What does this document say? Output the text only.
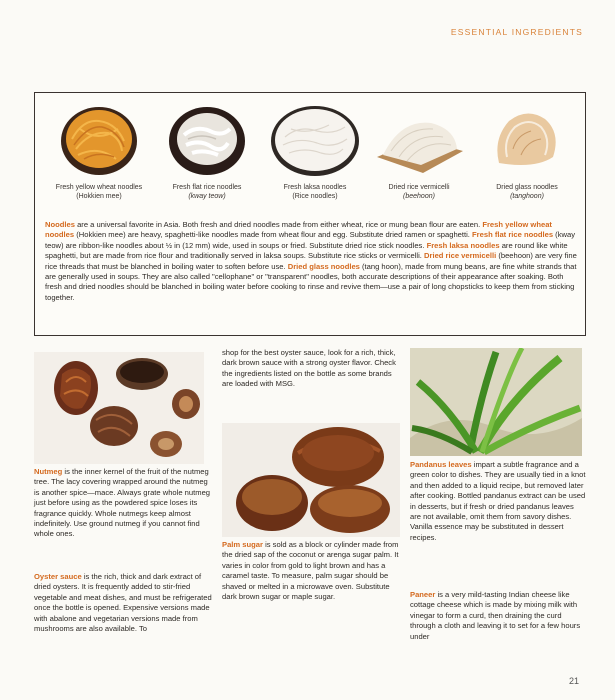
ESSENTIAL INGREDIENTS
Fresh yellow wheat noodles
(Hokkien mee)
Fresh flat rice noodles
(kway teow)
Fresh laksa noodles
(Rice noodles)
Dried rice vermicelli
(beehoon)
Dried glass noodles
(tanghoon)
Noodles are a universal favorite in Asia. Both fresh and dried noodles made from either wheat, rice or mung bean flour are eaten. Fresh yellow wheat noodles (Hokkien mee) are heavy, spaghetti-like noodles made from wheat flour and egg. Substitute dried ramen or spaghetti. Fresh flat rice noodles (kway teow) are ribbon-like noodles about ½ in (12 mm) wide, used in soups or fried. Substitute dried rice stick noodles. Fresh laksa noodles are round like white spaghetti, but are made from rice flour and traditionally served in laksa soups. Substitute rice sticks or vermicelli. Dried rice vermicelli (beehoon) are very fine rice threads that must be blanched in boiling water to soften before use. Dried glass noodles (tang hoon), made from mung beans, are fine white strands that are generally used in soups. They are also called "cellophane" or "transparent" noodles, both accurate descriptions of their appearance after soaking. Both fresh and dried noodles should be blanched in boiling water before cooking to rinse and revive them—use a pair of long chopsticks to keep them from sticking together.

Nutmeg is the inner kernel of the fruit of the nutmeg tree. The lacy covering wrapped around the nutmeg is another spice—mace. Always grate whole nutmeg just before using as the powdered spice loses its fragrance quickly. Whole nutmegs keep almost indefinitely. Use ground nutmeg if you cannot find whole ones.

Oyster sauce is the rich, thick and dark extract of dried oysters. It is frequently added to stir-fried vegetable and meat dishes, and must be refrigerated once the bottle is opened. Expensive versions made with abalone and vegetarian versions made from mushrooms are also available. To

shop for the best oyster sauce, look for a rich, thick, dark brown sauce with a strong oyster flavor. Check the ingredients listed on the bottle as some brands are loaded with MSG.

Palm sugar is sold as a block or cylinder made from the dried sap of the coconut or arenga sugar palm. It varies in color from gold to light brown and has a caramel taste. To measure, palm sugar should be shaved or melted in a microwave oven. Substitute dark brown sugar or maple sugar.

Pandanus leaves impart a subtle fragrance and a green color to dishes. They are usually tied in a knot and then added to a liquid recipe, but removed later after cooking. Bottled pandanus extract can be used in desserts, but if fresh or dried pandanus leaves are not available, omit them from savory dishes. Vanilla essence may be substituted in dessert recipes.

Paneer is a very mild-tasting Indian cheese like cottage cheese which is made by mixing milk with vinegar to form a curd, then draining the curd through a cloth and leaving it to set for a few hours under

21
